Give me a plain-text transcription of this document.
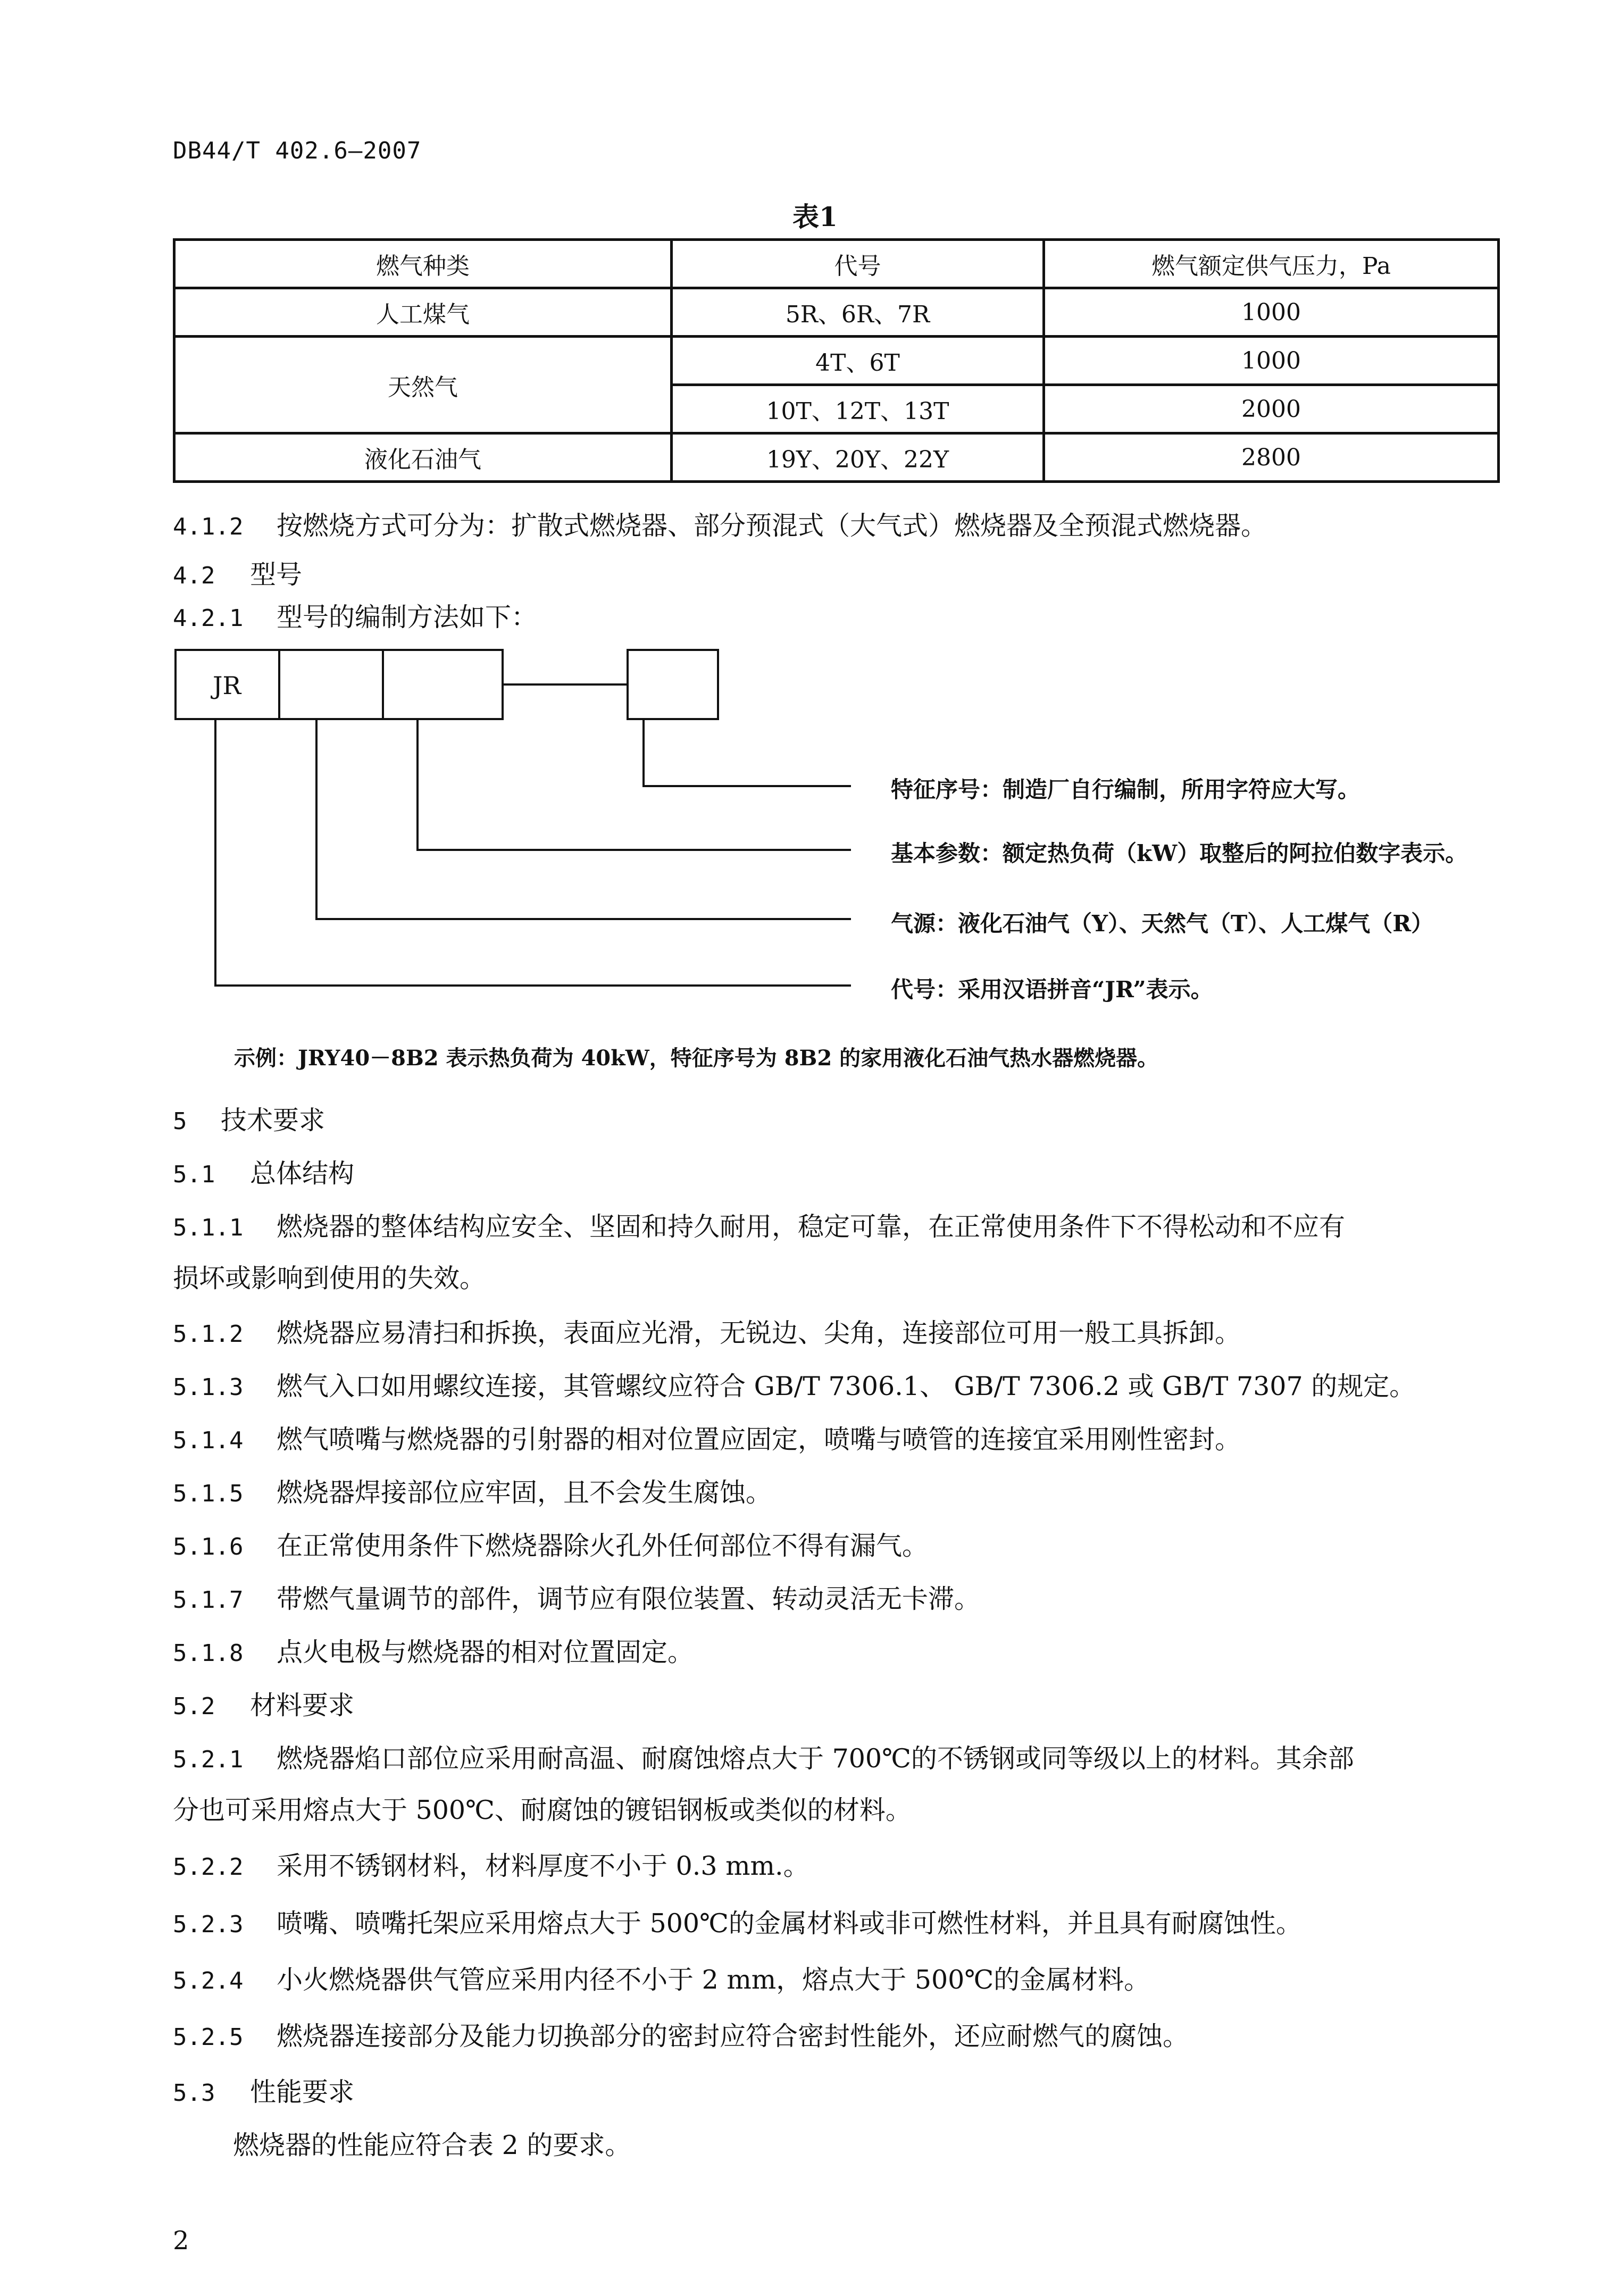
DB44/T 402.6—2007
表1
燃气种类	代号	燃气额定供气压力，Pa
人工煤气	5R、6R、7R	1000
天然气	4T、6T	1000
	10T、12T、13T	2000
液化石油气	19Y、20Y、22Y	2800
4.1.2 按燃烧方式可分为：扩散式燃烧器、部分预混式（大气式）燃烧器及全预混式燃烧器。
4.2 型号
4.2.1 型号的编制方法如下：
JR
特征序号：制造厂自行编制，所用字符应大写。
基本参数：额定热负荷（kW）取整后的阿拉伯数字表示。
气源：液化石油气（Y）、天然气（T）、人工煤气（R）
代号：采用汉语拼音“JR”表示。
示例：JRY40－8B2 表示热负荷为 40kW，特征序号为 8B2 的家用液化石油气热水器燃烧器。
5 技术要求
5.1 总体结构
5.1.1 燃烧器的整体结构应安全、坚固和持久耐用，稳定可靠，在正常使用条件下不得松动和不应有
损坏或影响到使用的失效。
5.1.2 燃烧器应易清扫和拆换，表面应光滑，无锐边、尖角，连接部位可用一般工具拆卸。
5.1.3 燃气入口如用螺纹连接，其管螺纹应符合 GB/T 7306.1、 GB/T 7306.2 或 GB/T 7307 的规定。
5.1.4 燃气喷嘴与燃烧器的引射器的相对位置应固定，喷嘴与喷管的连接宜采用刚性密封。
5.1.5 燃烧器焊接部位应牢固，且不会发生腐蚀。
5.1.6 在正常使用条件下燃烧器除火孔外任何部位不得有漏气。
5.1.7 带燃气量调节的部件，调节应有限位装置、转动灵活无卡滞。
5.1.8 点火电极与燃烧器的相对位置固定。
5.2 材料要求
5.2.1 燃烧器焰口部位应采用耐高温、耐腐蚀熔点大于 700℃的不锈钢或同等级以上的材料。其余部
分也可采用熔点大于 500℃、耐腐蚀的镀铝钢板或类似的材料。
5.2.2 采用不锈钢材料，材料厚度不小于 0.3 mm.。
5.2.3 喷嘴、喷嘴托架应采用熔点大于 500℃的金属材料或非可燃性材料，并且具有耐腐蚀性。
5.2.4 小火燃烧器供气管应采用内径不小于 2 mm，熔点大于 500℃的金属材料。
5.2.5 燃烧器连接部分及能力切换部分的密封应符合密封性能外，还应耐燃气的腐蚀。
5.3 性能要求
燃烧器的性能应符合表 2 的要求。
2
